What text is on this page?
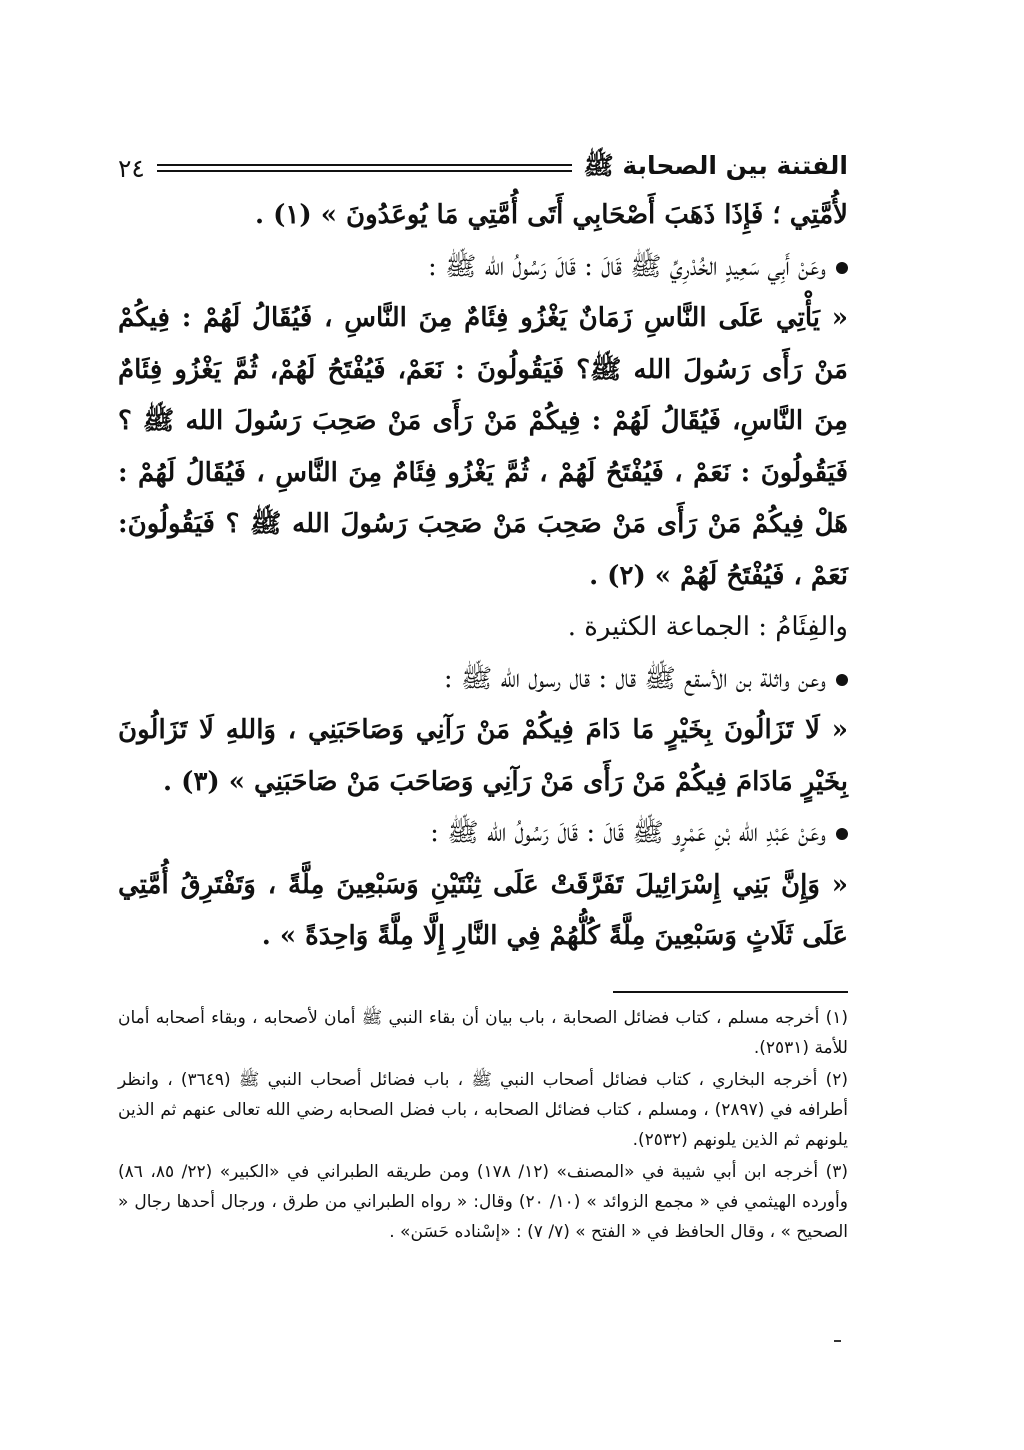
الفتنة بين الصحابة ﷺ
٢٤

لأُمَّتِي ؛ فَإِذَا ذَهَبَ أَصْحَابِي أَتَى أُمَّتِي مَا يُوعَدُونَ » (١) .

وعَنْ أَبِي سَعِيدٍ الخُدْرِيِّ ﷺ قَالَ : قَالَ رَسُولُ الله ﷺ :

« يَأْتِي عَلَى النَّاسِ زَمَانٌ يَغْزُو فِئَامٌ مِنَ النَّاسِ ، فَيُقَالُ لَهُمْ : فِيكُمْ مَنْ رَأَى رَسُولَ الله ﷺ؟ فَيَقُولُونَ : نَعَمْ، فَيُفْتَحُ لَهُمْ، ثُمَّ يَغْزُو فِئَامٌ مِنَ النَّاسِ، فَيُقَالُ لَهُمْ : فِيكُمْ مَنْ رَأَى مَنْ صَحِبَ رَسُولَ الله ﷺ ؟ فَيَقُولُونَ : نَعَمْ ، فَيُفْتَحُ لَهُمْ ، ثُمَّ يَغْزُو فِئَامٌ مِنَ النَّاسِ ، فَيُقَالُ لَهُمْ : هَلْ فِيكُمْ مَنْ رَأَى مَنْ صَحِبَ مَنْ صَحِبَ رَسُولَ الله ﷺ ؟ فَيَقُولُونَ: نَعَمْ ، فَيُفْتَحُ لَهُمْ » (٢) .

والفِئَامُ : الجماعة الكثيرة .

وعن واثلة بن الأسقع ﷺ قال : قال رسول الله ﷺ :

« لَا تَزَالُونَ بِخَيْرٍ مَا دَامَ فِيكُمْ مَنْ رَآنِي وَصَاحَبَنِي ، وَاللهِ لَا تَزَالُونَ بِخَيْرٍ مَادَامَ فِيكُمْ مَنْ رَأَى مَنْ رَآنِي وَصَاحَبَ مَنْ صَاحَبَنِي » (٣) .

وعَنْ عَبْدِ الله بْنِ عَمْرٍو ﷺ قَالَ : قَالَ رَسُولُ الله ﷺ :

« وَإِنَّ بَنِي إِسْرَائِيلَ تَفَرَّقَتْ عَلَى ثِنْتَيْنِ وَسَبْعِينَ مِلَّةً ، وَتَفْتَرِقُ أُمَّتِي عَلَى ثَلَاثٍ وَسَبْعِينَ مِلَّةً كُلُّهُمْ فِي النَّارِ إِلَّا مِلَّةً وَاحِدَةً » .

(١) أخرجه مسلم ، كتاب فضائل الصحابة ، باب بيان أن بقاء النبي ﷺ أمان لأصحابه ، وبقاء أصحابه أمان للأمة (٢٥٣١).

(٢) أخرجه البخاري ، كتاب فضائل أصحاب النبي ﷺ ، باب فضائل أصحاب النبي ﷺ (٣٦٤٩) ، وانظر أطرافه في (٢٨٩٧) ، ومسلم ، كتاب فضائل الصحابه ، باب فضل الصحابه رضي الله تعالى عنهم ثم الذين يلونهم ثم الذين يلونهم (٢٥٣٢).

(٣) أخرجه ابن أبي شيبة في «المصنف» (١٢/ ١٧٨) ومن طريقه الطبراني في «الكبير» (٢٢/ ٨٥، ٨٦) وأورده الهيثمي في « مجمع الزوائد » (١٠/ ٢٠) وقال: « رواه الطبراني من طرق ، ورجال أحدها رجال « الصحيح » ، وقال الحافظ في « الفتح » (٧/ ٧) : «إسْناده حَسَن» .
